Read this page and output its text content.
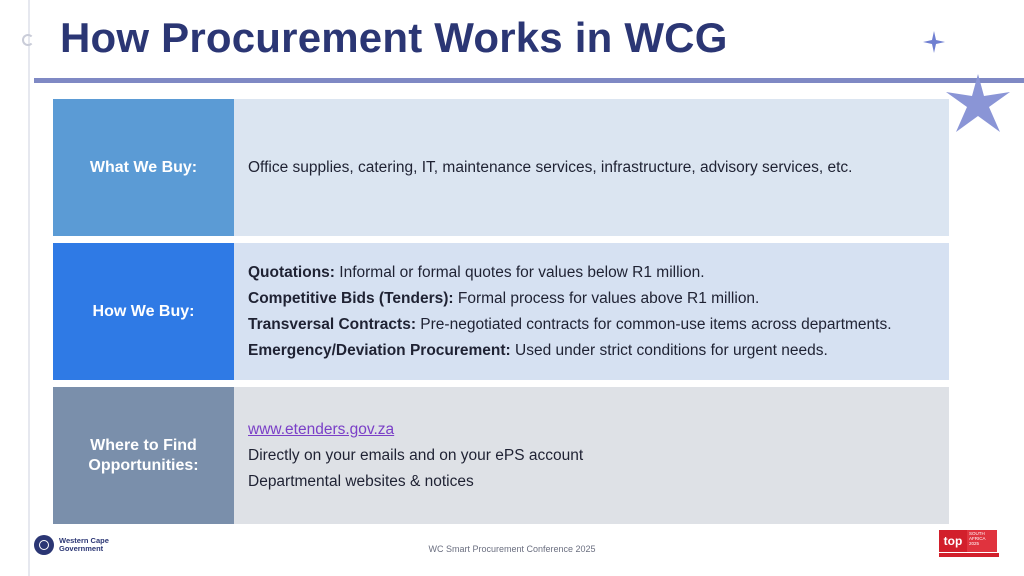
How Procurement Works in WCG
What We Buy:	Office supplies, catering, IT, maintenance services, infrastructure, advisory services, etc.
How We Buy:
Quotations: Informal or formal quotes for values below R1 million.
Competitive Bids (Tenders): Formal process for values above R1 million.
Transversal Contracts: Pre-negotiated contracts for common-use items across departments.
Emergency/Deviation Procurement: Used under strict conditions for urgent needs.
Where to Find Opportunities:
www.etenders.gov.za
Directly on your emails and on your ePS account
Departmental websites & notices
Western Cape
Government	WC Smart Procurement Conference 2025
top
SOUTH AFRICA 2025
